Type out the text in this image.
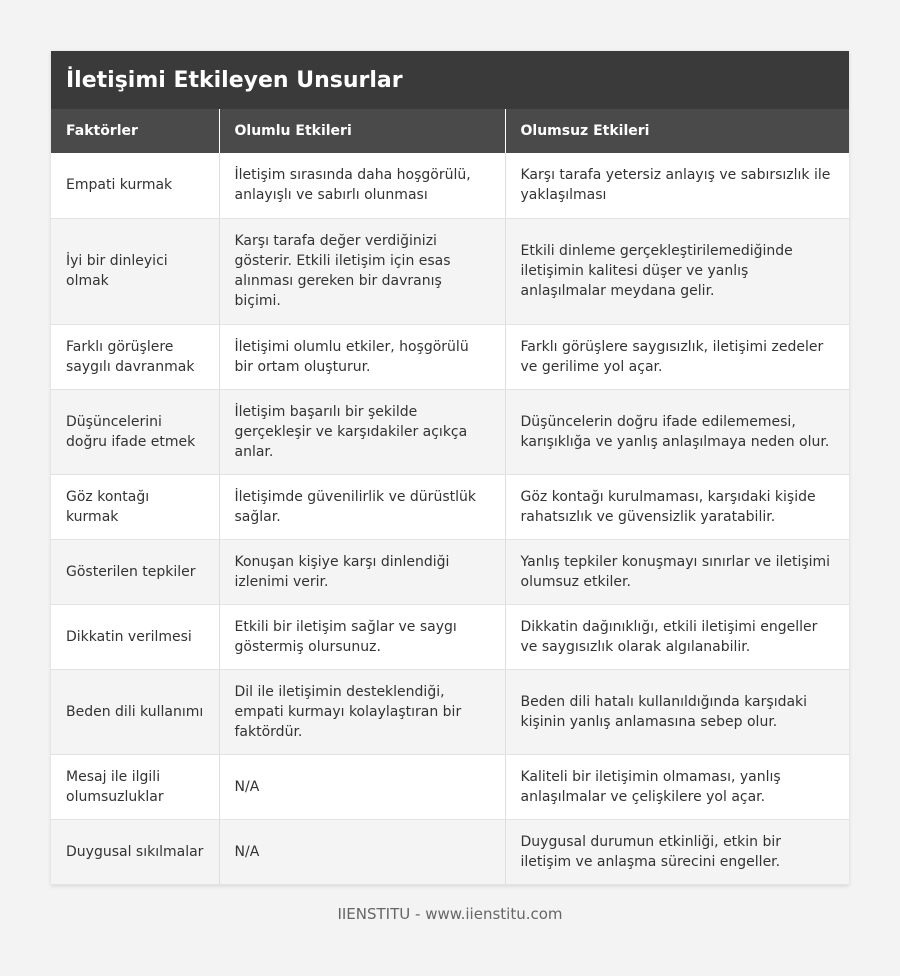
İletişimi Etkileyen Unsurlar
Faktörler	Olumlu Etkileri	Olumsuz Etkileri
Empati kurmak	İletişim sırasında daha hoşgörülü, anlayışlı ve sabırlı olunması	Karşı tarafa yetersiz anlayış ve sabırsızlık ile yaklaşılması
İyi bir dinleyici olmak	Karşı tarafa değer verdiğinizi gösterir. Etkili iletişim için esas alınması gereken bir davranış biçimi.	Etkili dinleme gerçekleştirilemediğinde iletişimin kalitesi düşer ve yanlış anlaşılmalar meydana gelir.
Farklı görüşlere saygılı davranmak	İletişimi olumlu etkiler, hoşgörülü bir ortam oluşturur.	Farklı görüşlere saygısızlık, iletişimi zedeler ve gerilime yol açar.
Düşüncelerini doğru ifade etmek	İletişim başarılı bir şekilde gerçekleşir ve karşıdakiler açıkça anlar.	Düşüncelerin doğru ifade edilememesi, karışıklığa ve yanlış anlaşılmaya neden olur.
Göz kontağı kurmak	İletişimde güvenilirlik ve dürüstlük sağlar.	Göz kontağı kurulmaması, karşıdaki kişide rahatsızlık ve güvensizlik yaratabilir.
Gösterilen tepkiler	Konuşan kişiye karşı dinlendiği izlenimi verir.	Yanlış tepkiler konuşmayı sınırlar ve iletişimi olumsuz etkiler.
Dikkatin verilmesi	Etkili bir iletişim sağlar ve saygı göstermiş olursunuz.	Dikkatin dağınıklığı, etkili iletişimi engeller ve saygısızlık olarak algılanabilir.
Beden dili kullanımı	Dil ile iletişimin desteklendiği, empati kurmayı kolaylaştıran bir faktördür.	Beden dili hatalı kullanıldığında karşıdaki kişinin yanlış anlamasına sebep olur.
Mesaj ile ilgili olumsuzluklar	N/A	Kaliteli bir iletişimin olmaması, yanlış anlaşılmalar ve çelişkilere yol açar.
Duygusal sıkılmalar	N/A	Duygusal durumun etkinliği, etkin bir iletişim ve anlaşma sürecini engeller.
IIENSTITU - www.iienstitu.com
